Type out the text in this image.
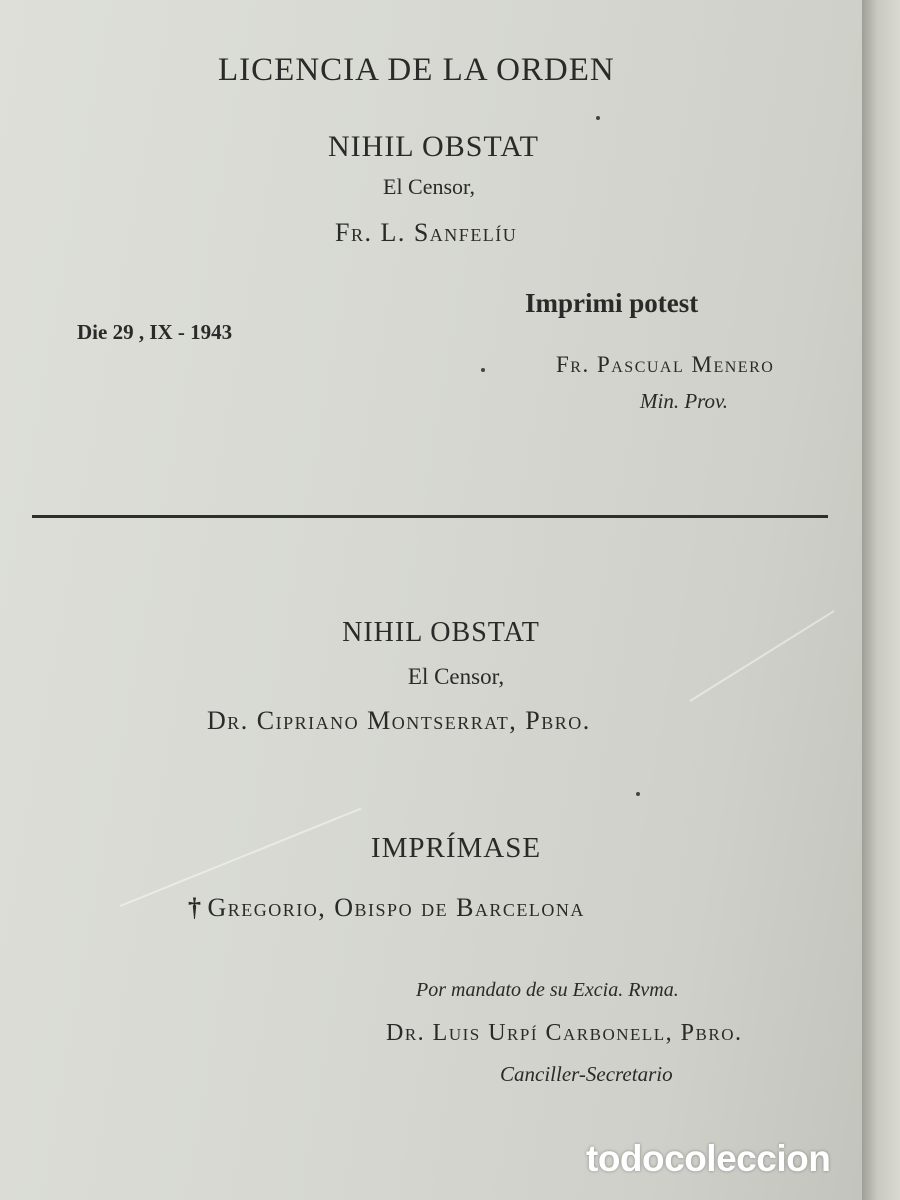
LICENCIA DE LA ORDEN
NIHIL OBSTAT
El Censor,
Fr. L. Sanfelíu
Die 29 , IX - 1943
Imprimi potest
Fr. Pascual Menero
Min. Prov.
NIHIL OBSTAT
El Censor,
Dr. Cipriano Montserrat, Pbro.
IMPRÍMASE
† Gregorio, Obispo de Barcelona
Por mandato de su Excia. Rvma.
Dr. Luis Urpí Carbonell, Pbro.
Canciller-Secretario
todocoleccion
